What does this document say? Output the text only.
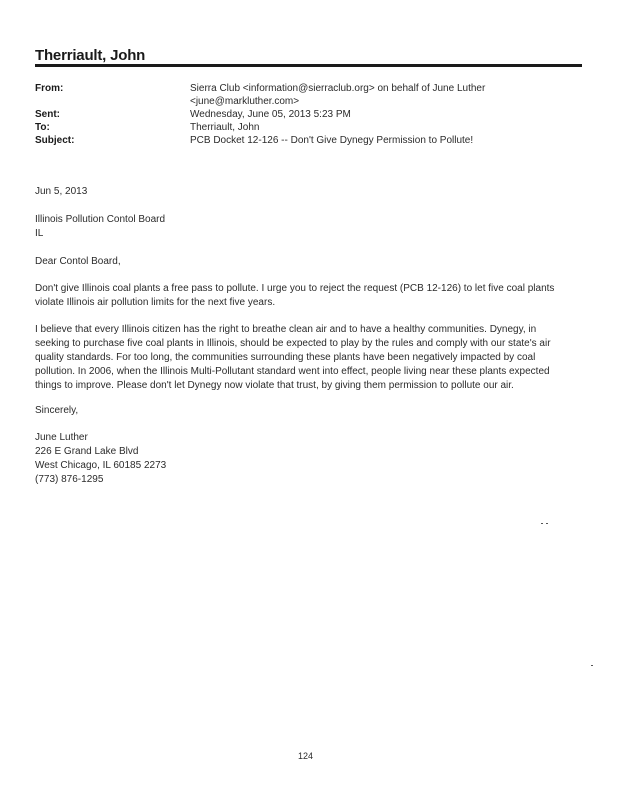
Therriault, John
From:	Sierra Club <information@sierraclub.org> on behalf of June Luther
<june@markluther.com>
Sent:	Wednesday, June 05, 2013 5:23 PM
To:	Therriault, John
Subject:	PCB Docket 12-126 -- Don't Give Dynegy Permission to Pollute!
Jun 5, 2013
Illinois Pollution Contol Board
IL
Dear Contol Board,
Don't give Illinois coal plants a free pass to pollute. I urge you to reject the request (PCB 12-126) to let five coal plants
violate Illinois air pollution limits for the next five years.
I believe that every Illinois citizen has the right to breathe clean air and to have a healthy communities. Dynegy, in
seeking to purchase five coal plants in Illinois, should be expected to play by the rules and comply with our state's air
quality standards. For too long, the communities surrounding these plants have been negatively impacted by coal
pollution. In 2006, when the Illinois Multi-Pollutant standard went into effect, people living near these plants expected
things to improve. Please don't let Dynegy now violate that trust, by giving them permission to pollute our air.
Sincerely,
June Luther
226 E Grand Lake Blvd
West Chicago, IL 60185 2273
(773) 876-1295
124
